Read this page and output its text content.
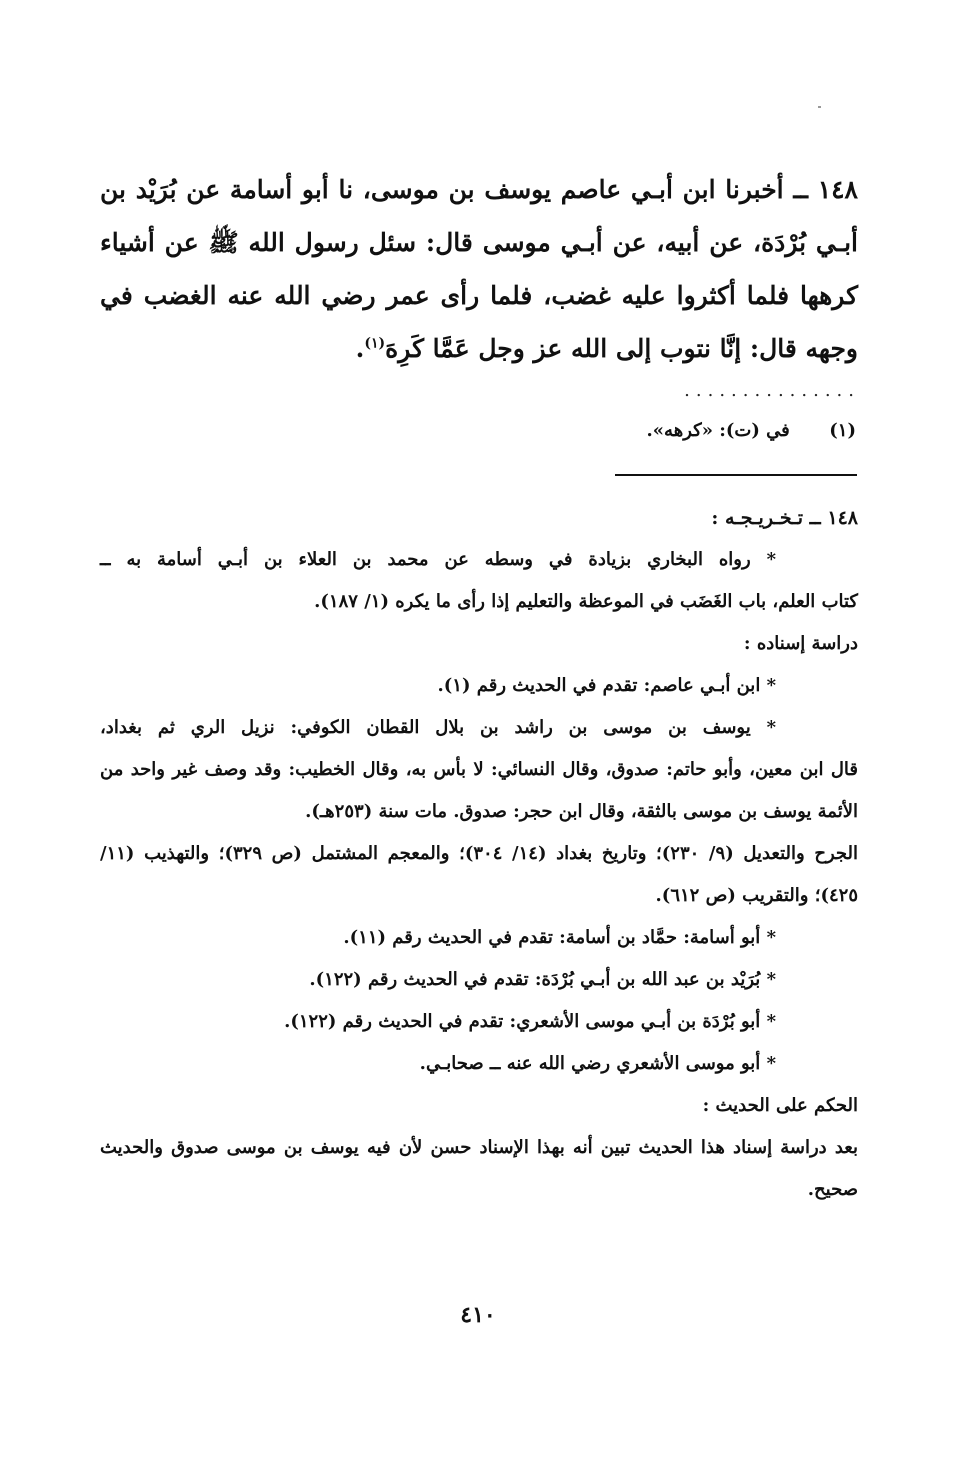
١٤٨ ــ أخبرنا ابن أبـي عاصم يوسف بن موسى، نا أبو أسامة عن بُرَيْد بن أبـي بُرْدَة، عن أبيه، عن أبـي موسى قال: سئل رسول الله ﷺ عن أشياء كرهها فلما أكثروا عليه غضب، فلما رأى عمر رضي الله عنه الغضب في وجهه قال: إنَّا نتوب إلى الله عز وجل عَمَّا كَرِهَ$^{(١)}$.
...............
(١) في (ت): «كرهه».
١٤٨ ــ تـخـريـجـه :
* رواه البخاري بزيادة في وسطه عن محمد بن العلاء بن أبـي أسامة به ــ
كتاب العلم، باب الغَضَب في الموعظة والتعليم إذا رأى ما يكره (١/ ١٨٧).
دراسة إسناده :
* ابن أبـي عاصم: تقدم في الحديث رقم (١).
* يوسف بن موسى بن راشد بن بلال القطان الكوفي: نزيل الري ثم بغداد،
قال ابن معين، وأبو حاتم: صدوق، وقال النسائي: لا بأس به، وقال الخطيب: وقد وصف غير واحد من الأئمة يوسف بن موسى بالثقة، وقال ابن حجر: صدوق. مات سنة (٢٥٣هـ).
الجرح والتعديل (٩/ ٢٣٠)؛ وتاريخ بغداد (١٤/ ٣٠٤)؛ والمعجم المشتمل (ص ٣٢٩)؛ والتهذيب (١١/ ٤٢٥)؛ والتقريب (ص ٦١٢).
* أبو أسامة: حمَّاد بن أسامة: تقدم في الحديث رقم (١١).
* بُرَيْد بن عبد الله بن أبـي بُرْدَة: تقدم في الحديث رقم (١٢٢).
* أبو بُرْدَة بن أبـي موسى الأشعري: تقدم في الحديث رقم (١٢٢).
* أبو موسى الأشعري رضي الله عنه ــ صحابـي.
الحكم على الحديث :
بعد دراسة إسناد هذا الحديث تبين أنه بهذا الإسناد حسن لأن فيه يوسف بن موسى صدوق والحديث صحيح.
٤١٠
